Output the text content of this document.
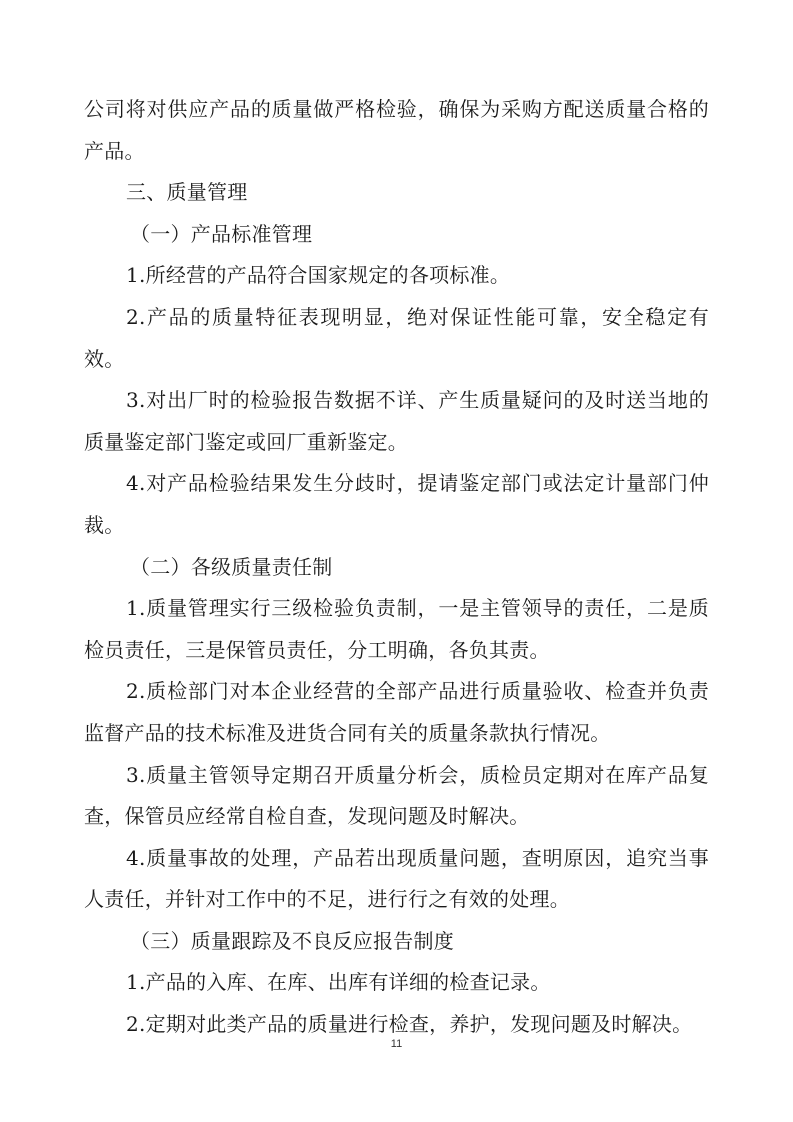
公司将对供应产品的质量做严格检验，确保为采购方配送质量合格的产品。

三、质量管理

（一）产品标准管理

1.所经营的产品符合国家规定的各项标准。

2.产品的质量特征表现明显，绝对保证性能可靠，安全稳定有效。

3.对出厂时的检验报告数据不详、产生质量疑问的及时送当地的质量鉴定部门鉴定或回厂重新鉴定。

4.对产品检验结果发生分歧时，提请鉴定部门或法定计量部门仲裁。

（二）各级质量责任制

1.质量管理实行三级检验负责制，一是主管领导的责任，二是质检员责任，三是保管员责任，分工明确，各负其责。

2.质检部门对本企业经营的全部产品进行质量验收、检查并负责监督产品的技术标准及进货合同有关的质量条款执行情况。

3.质量主管领导定期召开质量分析会，质检员定期对在库产品复查，保管员应经常自检自查，发现问题及时解决。

4.质量事故的处理，产品若出现质量问题，查明原因，追究当事人责任，并针对工作中的不足，进行行之有效的处理。

（三）质量跟踪及不良反应报告制度

1.产品的入库、在库、出库有详细的检查记录。

2.定期对此类产品的质量进行检查，养护，发现问题及时解决。

11
